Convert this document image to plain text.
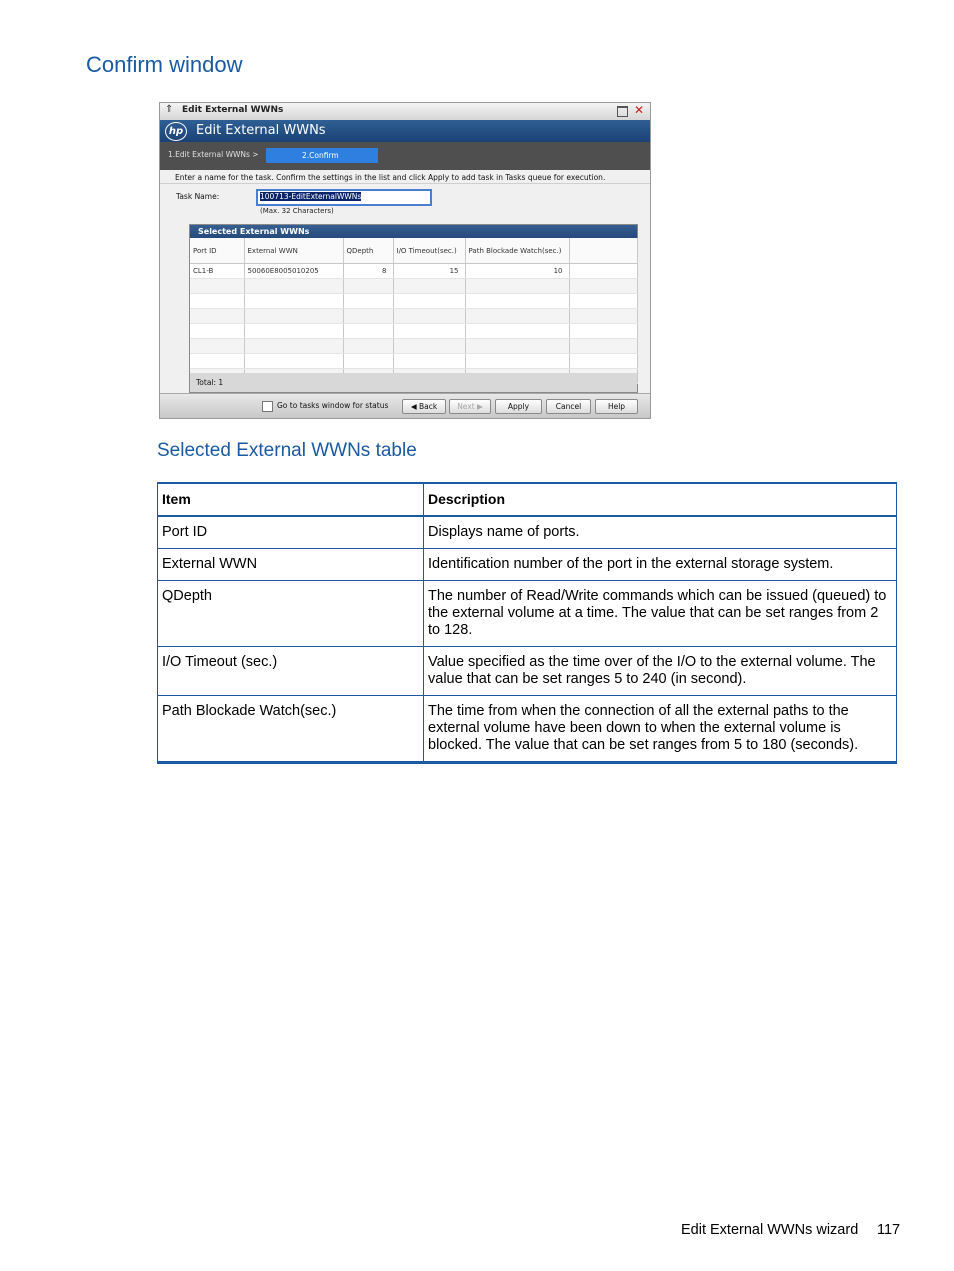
Confirm window
⇑ Edit External WWNs	✕
hp Edit External WWNs
1.Edit External WWNs >	2.Confirm
Enter a name for the task. Confirm the settings in the list and click Apply to add task in Tasks queue for execution.
Task Name:	100713-EditExternalWWNs
(Max. 32 Characters)
Selected External WWNs
Port ID	External WWN	QDepth	I/O Timeout(sec.)	Path Blockade Watch(sec.)	
CL1-B	50060E8005010205	8	15	10	

Total: 1
Go to tasks window for status	◀ Back	Next ▶	Apply	Cancel	Help
Selected External WWNs table
Item	Description
Port ID	Displays name of ports.
External WWN	Identification number of the port in the external storage system.
QDepth	The number of Read/Write commands which can be issued (queued) to the external volume at a time. The value that can be set ranges from 2 to 128.
I/O Timeout (sec.)	Value specified as the time over of the I/O to the external volume. The value that can be set ranges 5 to 240 (in second).
Path Blockade Watch(sec.)	The time from when the connection of all the external paths to the external volume have been down to when the external volume is blocked. The value that can be set ranges from 5 to 180 (seconds).
Edit External WWNs wizard 117
